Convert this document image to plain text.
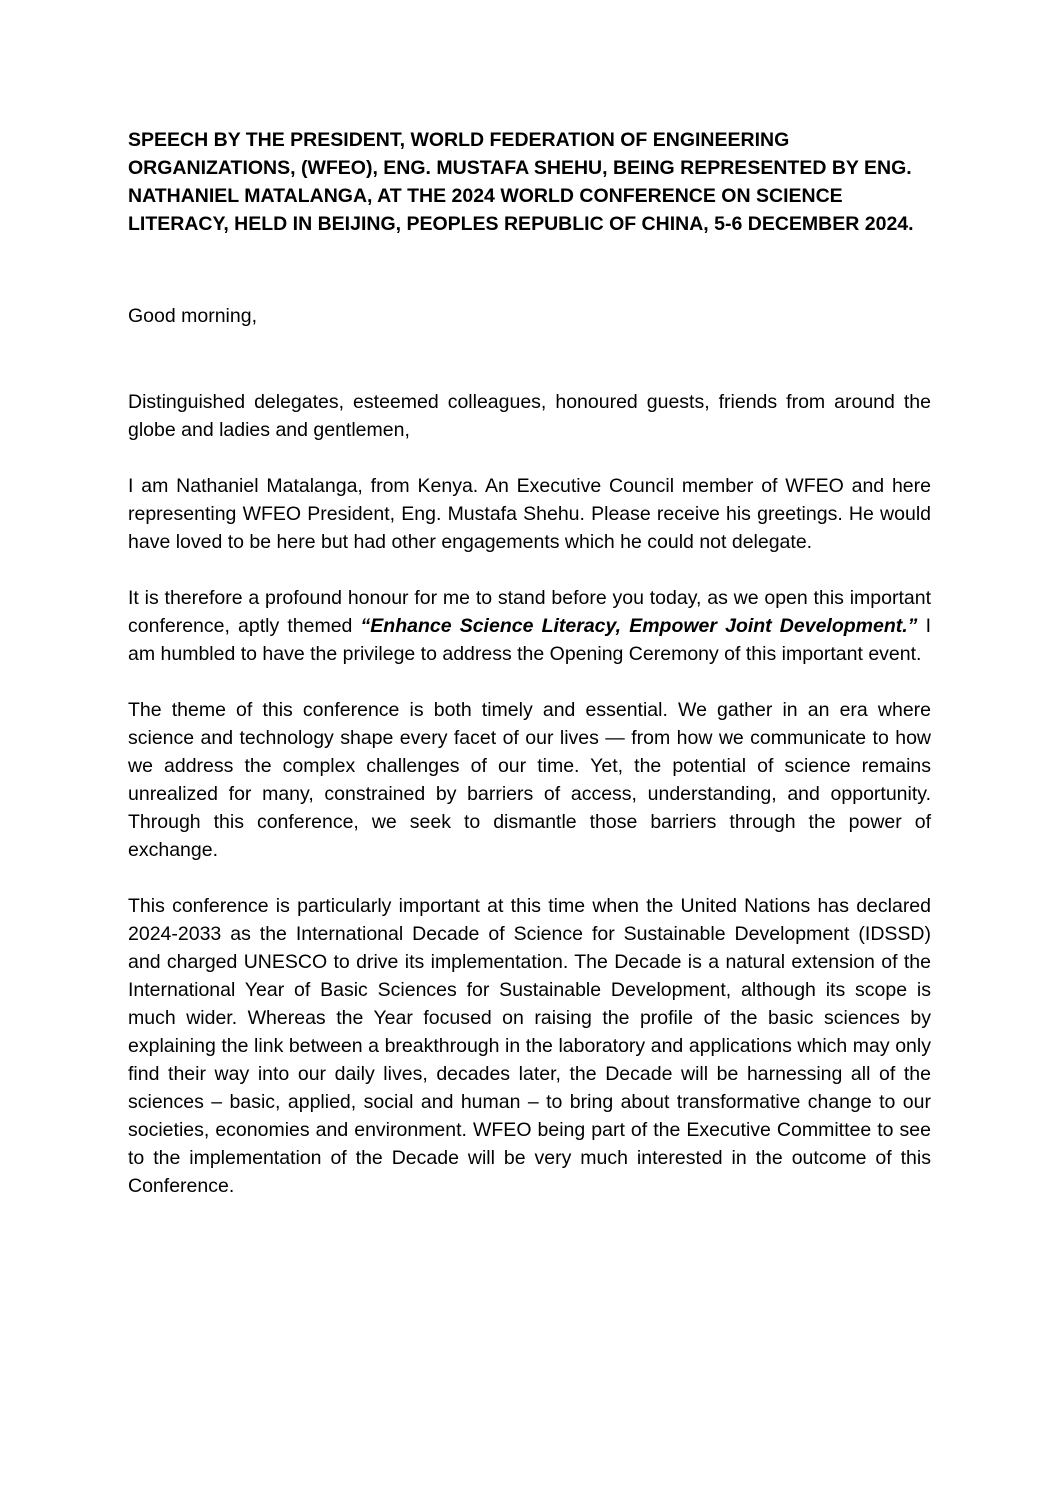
SPEECH BY THE PRESIDENT, WORLD FEDERATION OF ENGINEERING ORGANIZATIONS, (WFEO), ENG. MUSTAFA SHEHU, BEING REPRESENTED BY ENG. NATHANIEL MATALANGA, AT THE 2024 WORLD CONFERENCE ON SCIENCE LITERACY, HELD IN BEIJING, PEOPLES REPUBLIC OF CHINA, 5-6 DECEMBER 2024.

Good morning,

Distinguished delegates, esteemed colleagues, honoured guests, friends from around the globe and ladies and gentlemen,

I am Nathaniel Matalanga, from Kenya. An Executive Council member of WFEO and here representing WFEO President, Eng. Mustafa Shehu. Please receive his greetings. He would have loved to be here but had other engagements which he could not delegate.

It is therefore a profound honour for me to stand before you today, as we open this important conference, aptly themed “Enhance Science Literacy, Empower Joint Development.” I am humbled to have the privilege to address the Opening Ceremony of this important event.

The theme of this conference is both timely and essential. We gather in an era where science and technology shape every facet of our lives — from how we communicate to how we address the complex challenges of our time. Yet, the potential of science remains unrealized for many, constrained by barriers of access, understanding, and opportunity. Through this conference, we seek to dismantle those barriers through the power of exchange.

This conference is particularly important at this time when the United Nations has declared 2024-2033 as the International Decade of Science for Sustainable Development (IDSSD) and charged UNESCO to drive its implementation. The Decade is a natural extension of the International Year of Basic Sciences for Sustainable Development, although its scope is much wider. Whereas the Year focused on raising the profile of the basic sciences by explaining the link between a breakthrough in the laboratory and applications which may only find their way into our daily lives, decades later, the Decade will be harnessing all of the sciences – basic, applied, social and human – to bring about transformative change to our societies, economies and environment. WFEO being part of the Executive Committee to see to the implementation of the Decade will be very much interested in the outcome of this Conference.
